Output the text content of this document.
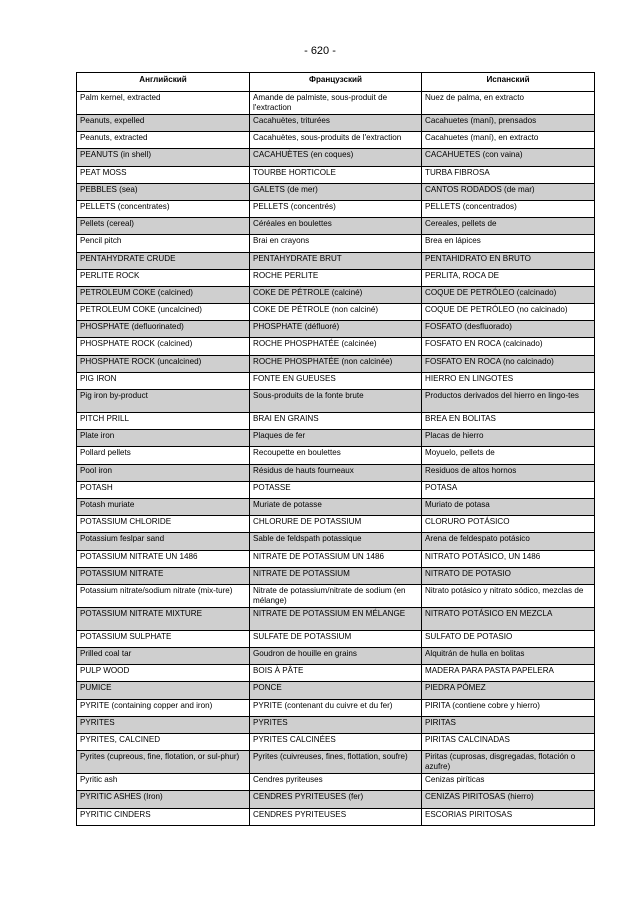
- 620 -
Английский	Французский	Испанский
Palm kernel, extracted	Amande de palmiste, sous-produit de l'extraction	Nuez de palma, en extracto
Peanuts, expelled	Cacahuètes, triturées	Cacahuetes (maní), prensados
Peanuts, extracted	Cacahuètes, sous-produits de l'extraction	Cacahuetes (maní), en extracto
PEANUTS (in shell)	CACAHUÈTES (en coques)	CACAHUETES (con vaina)
PEAT MOSS	TOURBE HORTICOLE	TURBA FIBROSA
PEBBLES (sea)	GALETS (de mer)	CANTOS RODADOS (de mar)
PELLETS (concentrates)	PELLETS (concentrés)	PELLETS (concentrados)
Pellets (cereal)	Céréales en boulettes	Cereales, pellets de
Pencil pitch	Brai en crayons	Brea en lápices
PENTAHYDRATE CRUDE	PENTAHYDRATE BRUT	PENTAHIDRATO EN BRUTO
PERLITE ROCK	ROCHE PERLITE	PERLITA, ROCA DE
PETROLEUM COKE (calcined)	COKE DE PÉTROLE (calciné)	COQUE DE PETRÓLEO (calcinado)
PETROLEUM COKE (uncalcined)	COKE DE PÉTROLE (non calciné)	COQUE DE PETRÓLEO (no calcinado)
PHOSPHATE (defluorinated)	PHOSPHATE (défluoré)	FOSFATO (desfluorado)
PHOSPHATE ROCK (calcined)	ROCHE PHOSPHATÉE (calcinée)	FOSFATO EN ROCA (calcinado)
PHOSPHATE ROCK (uncalcined)	ROCHE PHOSPHATÉE (non calcinée)	FOSFATO EN ROCA (no calcinado)
PIG IRON	FONTE EN GUEUSES	HIERRO EN LINGOTES
Pig iron by-product	Sous-produits de la fonte brute	Productos derivados del hierro en lingo-tes
PITCH PRILL	BRAI EN GRAINS	BREA EN BOLITAS
Plate iron	Plaques de fer	Placas de hierro
Pollard pellets	Recoupette en boulettes	Moyuelo, pellets de
Pool iron	Résidus de hauts fourneaux	Residuos de altos hornos
POTASH	POTASSE	POTASA
Potash muriate	Muriate de potasse	Muriato de potasa
POTASSIUM CHLORIDE	CHLORURE DE POTASSIUM	CLORURO POTÁSICO
Potassium feslpar sand	Sable de feldspath potassique	Arena de feldespato potásico
POTASSIUM NITRATE UN 1486	NITRATE DE POTASSIUM UN 1486	NITRATO POTÁSICO, UN 1486
POTASSIUM NITRATE	NITRATE DE POTASSIUM	NITRATO DE POTASIO
Potassium nitrate/sodium nitrate (mix-ture)	Nitrate de potassium/nitrate de sodium (en mélange)	Nitrato potásico y nitrato sódico, mezclas de
POTASSIUM NITRATE MIXTURE	NITRATE DE POTASSIUM EN MÉLANGE	NITRATO POTÁSICO EN MEZCLA
POTASSIUM SULPHATE	SULFATE DE POTASSIUM	SULFATO DE POTASIO
Prilled coal tar	Goudron de houille en grains	Alquitrán de hulla en bolitas
PULP WOOD	BOIS À PÂTE	MADERA PARA PASTA PAPELERA
PUMICE	PONCE	PIEDRA PÓMEZ
PYRITE (containing copper and iron)	PYRITE (contenant du cuivre et du fer)	PIRITA (contiene cobre y hierro)
PYRITES	PYRITES	PIRITAS
PYRITES, CALCINED	PYRITES CALCINÉES	PIRITAS CALCINADAS
Pyrites (cupreous, fine, flotation, or sul-phur)	Pyrites (cuivreuses, fines, flottation, soufre)	Piritas (cuprosas, disgregadas, flotación o azufre)
Pyritic ash	Cendres pyriteuses	Cenizas piríticas
PYRITIC ASHES (Iron)	CENDRES PYRITEUSES (fer)	CENIZAS PIRITOSAS (hierro)
PYRITIC CINDERS	CENDRES PYRITEUSES	ESCORIAS PIRITOSAS
